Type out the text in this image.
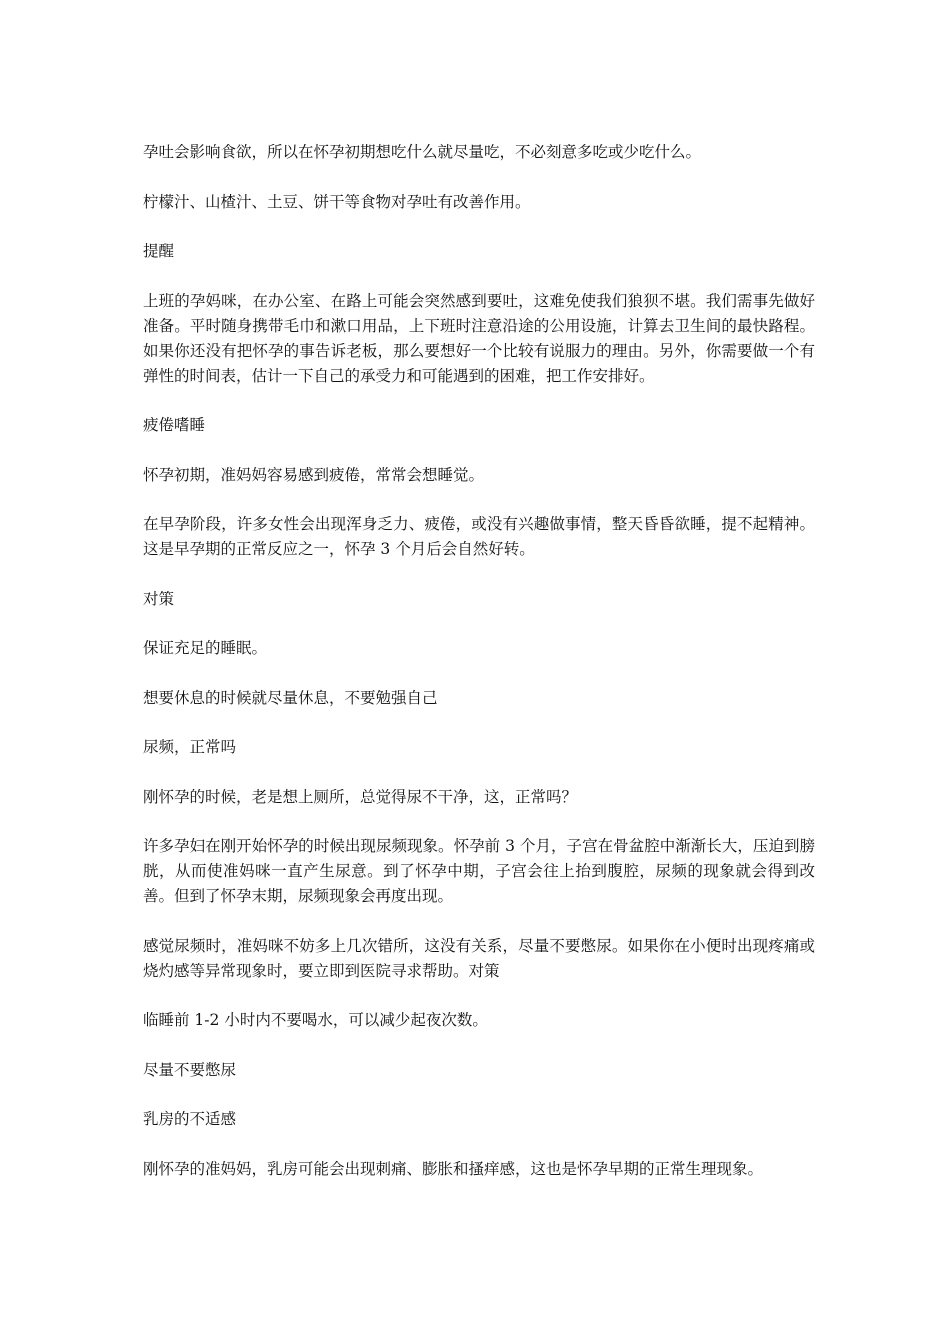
孕吐会影响食欲，所以在怀孕初期想吃什么就尽量吃，不必刻意多吃或少吃什么。

柠檬汁、山楂汁、土豆、饼干等食物对孕吐有改善作用。

提醒

上班的孕妈咪，在办公室、在路上可能会突然感到要吐，这难免使我们狼狈不堪。我们需事先做好准备。平时随身携带毛巾和漱口用品，上下班时注意沿途的公用设施，计算去卫生间的最快路程。如果你还没有把怀孕的事告诉老板，那么要想好一个比较有说服力的理由。另外，你需要做一个有弹性的时间表，估计一下自己的承受力和可能遇到的困难，把工作安排好。

疲倦嗜睡

怀孕初期，准妈妈容易感到疲倦，常常会想睡觉。

在早孕阶段，许多女性会出现浑身乏力、疲倦，或没有兴趣做事情，整天昏昏欲睡，提不起精神。这是早孕期的正常反应之一，怀孕 3 个月后会自然好转。

对策

保证充足的睡眠。

想要休息的时候就尽量休息，不要勉强自己

尿频，正常吗

刚怀孕的时候，老是想上厕所，总觉得尿不干净，这，正常吗？

许多孕妇在刚开始怀孕的时候出现尿频现象。怀孕前 3 个月，子宫在骨盆腔中渐渐长大，压迫到膀胱，从而使准妈咪一直产生尿意。到了怀孕中期，子宫会往上抬到腹腔，尿频的现象就会得到改善。但到了怀孕末期，尿频现象会再度出现。

感觉尿频时，准妈咪不妨多上几次错所，这没有关系，尽量不要憋尿。如果你在小便时出现疼痛或烧灼感等异常现象时，要立即到医院寻求帮助。对策

临睡前 1-2 小时内不要喝水，可以减少起夜次数。

尽量不要憋尿

乳房的不适感

刚怀孕的准妈妈，乳房可能会出现刺痛、膨胀和搔痒感，这也是怀孕早期的正常生理现象。
